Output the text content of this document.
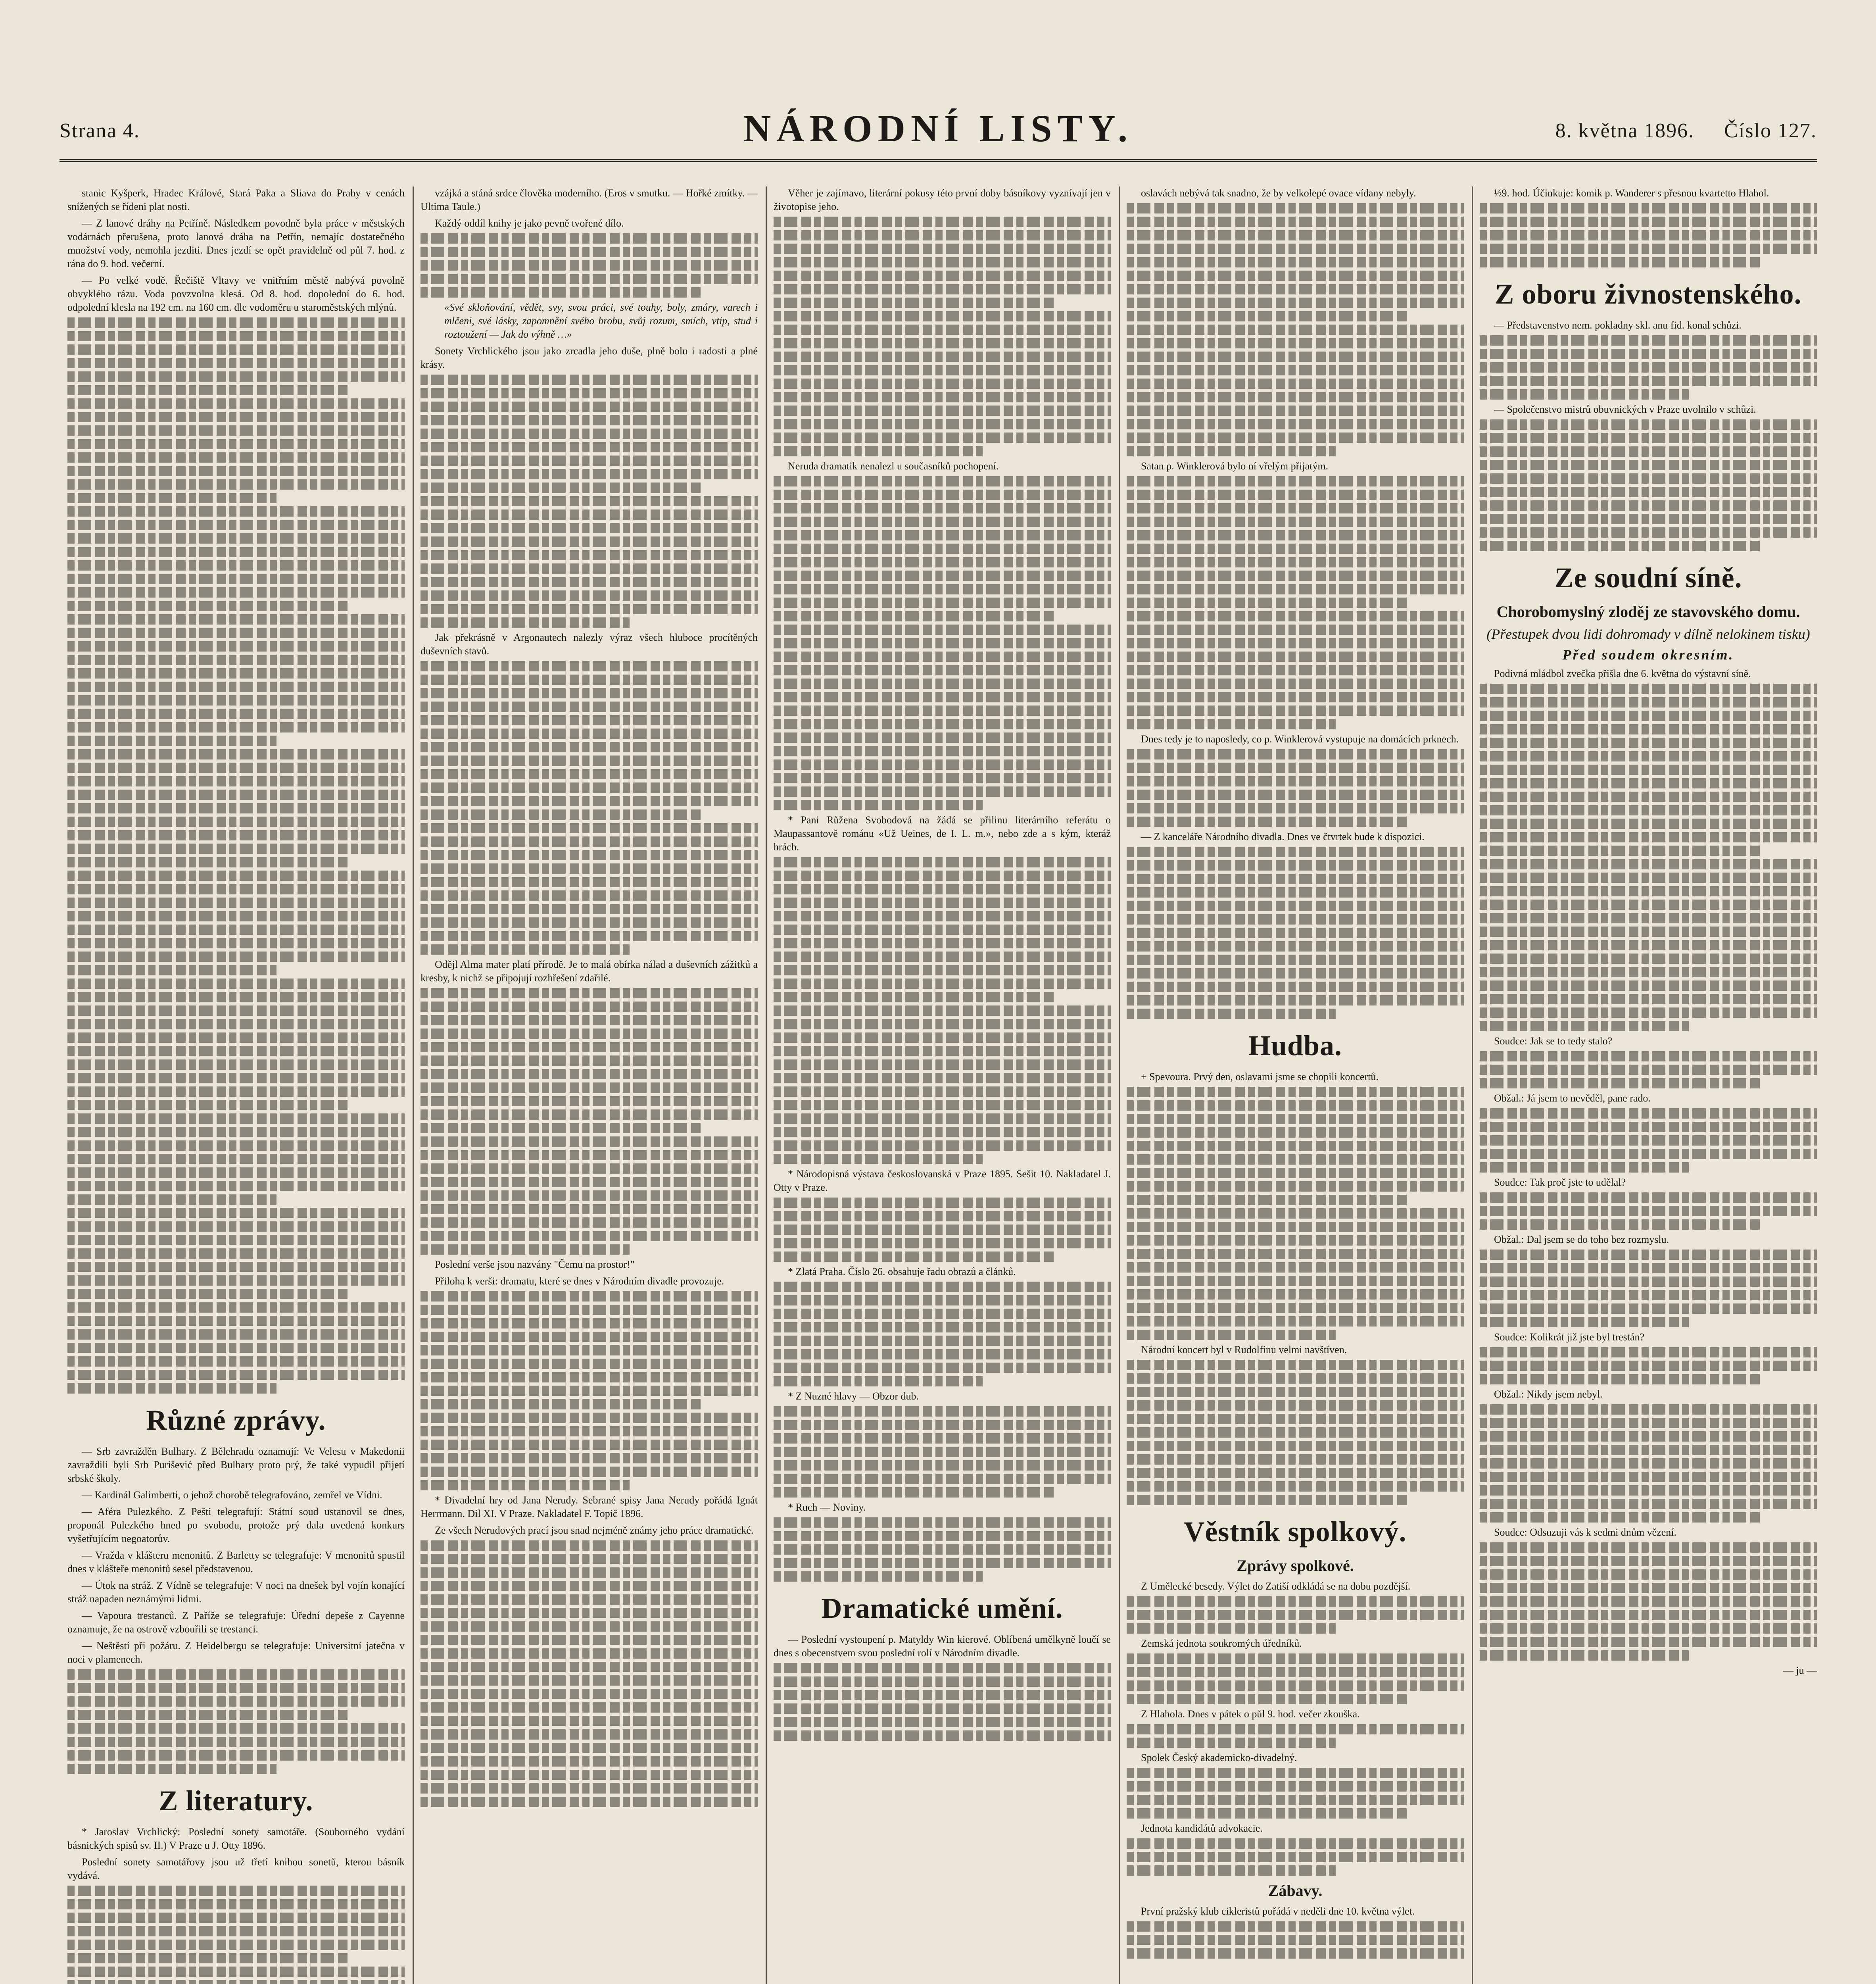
Strana 4.	NÁRODNÍ LISTY.	8. května 1896. Číslo 127.

stanic Kyšperk, Hradec Králové, Stará Paka a Sliava do Prahy v cenách snížených se řídeni plat nosti.

— Z lanové dráhy na Petříně. Následkem povodně byla práce v městských vodárnách přerušena, proto lanová dráha na Petřín, nemajíc dostatečného množství vody, nemohla jezditi. Dnes jezdí se opět pravidelně od půl 7. hod. z rána do 9. hod. večerní.

— Po velké vodě. Řečiště Vltavy ve vnitřním městě nabývá povolně obvyklého rázu. Voda povzvolna klesá. Od 8. hod. dopolední do 6. hod. odpolední klesla na 192 cm. na 160 cm. dle vodoměru u staroměstských mlýnů.

Různé zprávy.

— Srb zavražděn Bulhary. Z Bělehradu oznamují: Ve Velesu v Makedonii zavraždili byli Srb Purišević před Bulhary proto prý, že také vypudil přijetí srbské školy.

— Kardinál Galimberti, o jehož chorobě telegrafováno, zemřel ve Vídni.

— Aféra Pulezkého. Z Pešti telegrafují: Státní soud ustanovil se dnes, proponál Pulezkého hned po svobodu, protože prý dala uvedená konkurs vyšetřujícím negoatorův.

— Vražda v klášteru menonitů. Z Barletty se telegrafuje: V menonitů spustil dnes v klášteře menonitů sesel představenou.

— Útok na stráž. Z Vídně se telegrafuje: V noci na dnešek byl vojín konající stráž napaden neznámými lidmi.

— Vapoura trestanců. Z Paříže se telegrafuje: Úřední depeše z Cayenne oznamuje, že na ostrově vzbouřili se trestanci.

— Neštěstí při požáru. Z Heidelbergu se telegrafuje: Universitní jatečna v noci v plamenech.

Z literatury.

* Jaroslav Vrchlický: Poslední sonety samotáře. (Souborného vydání básnických spisů sv. II.) V Praze u J. Otty 1896.

Poslední sonety samotářovy jsou už třetí knihou sonetů, kterou básník vydává.

vzájká a stáná srdce člověka moderního. (Eros v smutku. — Hořké zmítky. — Ultima Taule.)

Každý oddíl knihy je jako pevně tvořené dílo.

«Své skloňování, vědět, svy, svou práci, své touhy, boly, zmáry, varech i mlčeni, své lásky, zapomnění svého hrobu, svůj rozum, smích, vtip, stud i roztoužení — Jak do výhně …»

Sonety Vrchlického jsou jako zrcadla jeho duše, plně bolu i radosti a plné krásy.

Jak překrásně v Argonautech nalezly výraz všech hluboce procítěných duševních stavů.

Odějl Alma mater platí přírodě. Je to malá obírka nálad a duševních zážitků a kresby, k nichž se připojují rozhřešení zdařilé.

Poslední verše jsou nazvány "Čemu na prostor!"

Přiloha k verši: dramatu, které se dnes v Národním divadle provozuje.

* Divadelní hry od Jana Nerudy. Sebrané spisy Jana Nerudy pořádá Ignát Herrmann. Dil XI. V Praze. Nakladatel F. Topič 1896.

Ze všech Nerudových prací jsou snad nejméně známy jeho práce dramatické.

Věher je zajímavo, literární pokusy této první doby básníkovy vyznívají jen v životopise jeho.

Neruda dramatik nenalezl u současníků pochopení.

* Pani Růžena Svobodová na žádá se přilinu literárního referátu o Maupassantově románu «Už Ueines, de I. L. m.», nebo zde a s kým, kteráž hrách.

* Národopisná výstava českoslovanská v Praze 1895. Sešit 10. Nakladatel J. Otty v Praze.

* Zlatá Praha. Číslo 26. obsahuje řadu obrazů a článků.

* Z Nuzné hlavy — Obzor dub.

* Ruch — Noviny.

Dramatické umění.

— Poslední vystoupení p. Matyldy Win kierové. Oblíbená umělkyně loučí se dnes s obecenstvem svou poslední rolí v Národním divadle.

oslavách nebývá tak snadno, že by velkolepé ovace vídany nebyly.

Satan p. Winklerová bylo ní vřelým přijatým.

Dnes tedy je to naposledy, co p. Winklerová vystupuje na domácích prknech.

— Z kanceláře Národního divadla. Dnes ve čtvrtek bude k dispozici.

Hudba.

+ Spevoura. Prvý den, oslavami jsme se chopili koncertů.

Národní koncert byl v Rudolfinu velmi navštíven.

Věstník spolkový.
Zprávy spolkové.

Z Umělecké besedy. Výlet do Zatiší odkládá se na dobu pozdější.

Zemská jednota soukromých úředníků.

Z Hlahola. Dnes v pátek o půl 9. hod. večer zkouška.

Spolek Český akademicko-divadelný.

Jednota kandidátů advokacie.

Zábavy.

První pražský klub cikleristů pořádá v neděli dne 10. května výlet.

½9. hod. Účinkuje: komik p. Wanderer s přesnou kvartetto Hlahol.

Z oboru živnostenského.

— Představenstvo nem. pokladny skl. anu fid. konal schůzi.

— Společenstvo mistrů obuvnických v Praze uvolnilo v schůzi.

Ze soudní síně.
Chorobomyslný zloděj ze stavovského domu.
(Přestupek dvou lidi dohromady v dílně nelokinem tisku)
Před soudem okresním.

Podivná mládbol zvečka přišla dne 6. května do výstavní síně.

Soudce: Jak se to tedy stalo?

Obžal.: Já jsem to nevěděl, pane rado.

Soudce: Tak proč jste to udělal?

Obžal.: Dal jsem se do toho bez rozmyslu.

Soudce: Kolikrát již jste byl trestán?

Obžal.: Nikdy jsem nebyl.

Soudce: Odsuzuji vás k sedmi dnům vězení.

— ju —
